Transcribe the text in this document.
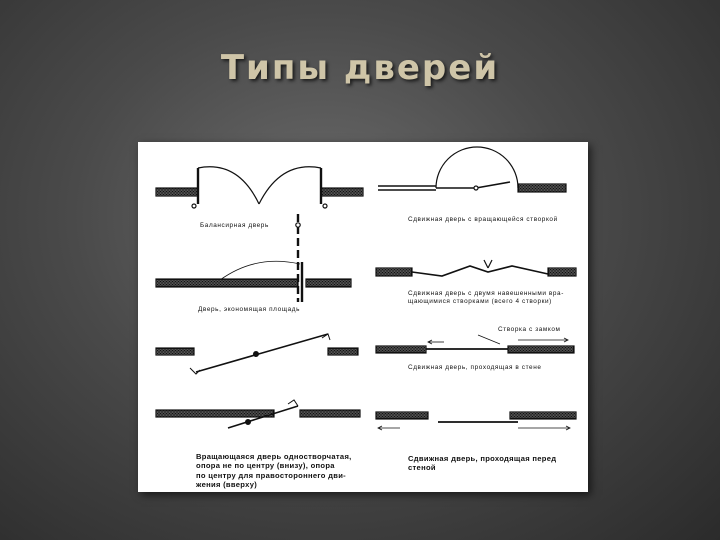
Типы дверей
Балансирная дверь
Сдвижная дверь с вращающейся створкой
Дверь, экономящая площадь
Сдвижная дверь с двумя навешенными вра-
щающимися створками (всего 4 створки)
Створка с замком
Сдвижная дверь, проходящая в стене
Вращающаяся дверь одностворчатая,
опора не по центру (внизу), опора
по центру для правостороннего дви-
жения (вверху)
Сдвижная дверь, проходящая перед
стеной
